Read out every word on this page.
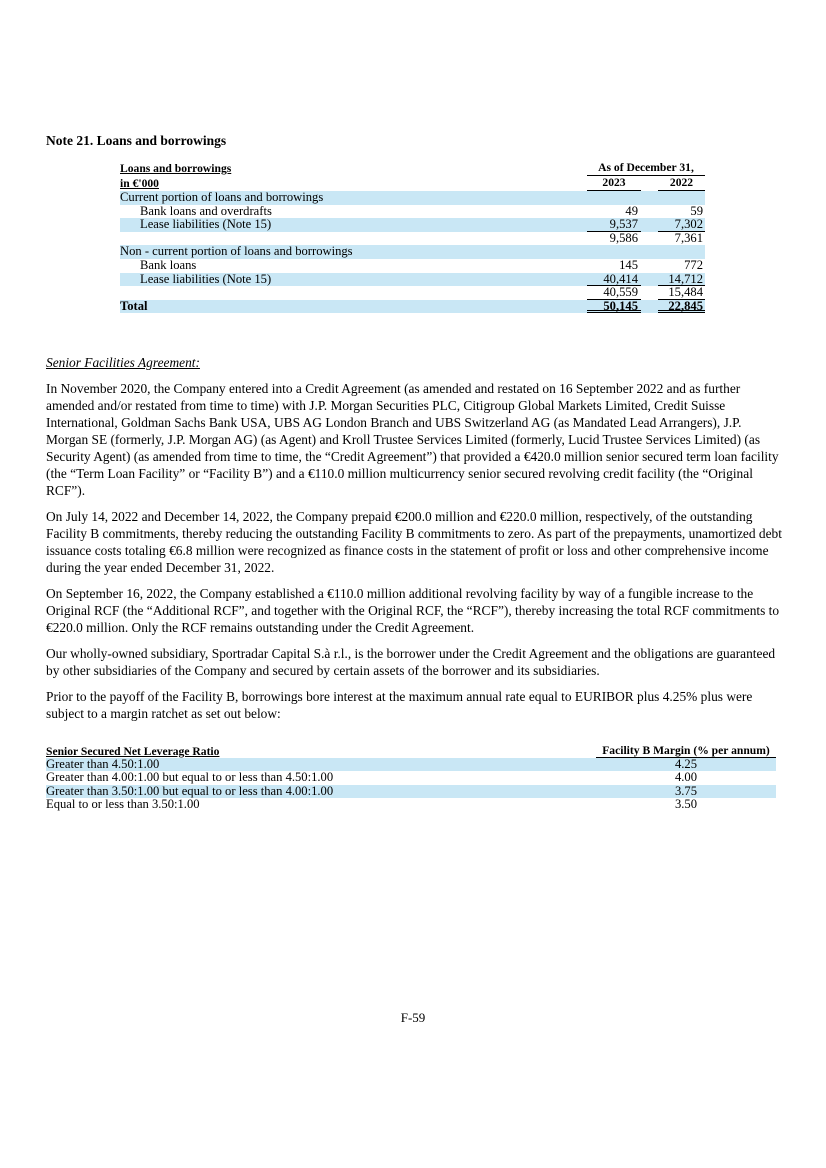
Note 21. Loans and borrowings
Loans and borrowings	As of December 31,
in €'000	2023	2022
Current portion of loans and borrowings
Bank loans and overdrafts	49	59
Lease liabilities (Note 15)	9,537	7,302
9,586	7,361
Non - current portion of loans and borrowings
Bank loans	145	772
Lease liabilities (Note 15)	40,414	14,712
40,559	15,484
Total	50,145	22,845
Senior Facilities Agreement:

In November 2020, the Company entered into a Credit Agreement (as amended and restated on 16 September 2022 and as further amended and/or restated from time to time) with J.P. Morgan Securities PLC, Citigroup Global Markets Limited, Credit Suisse International, Goldman Sachs Bank USA, UBS AG London Branch and UBS Switzerland AG (as Mandated Lead Arrangers), J.P. Morgan SE (formerly, J.P. Morgan AG) (as Agent) and Kroll Trustee Services Limited (formerly, Lucid Trustee Services Limited) (as Security Agent) (as amended from time to time, the “Credit Agreement”) that provided a €420.0 million senior secured term loan facility (the “Term Loan Facility” or “Facility B”) and a €110.0 million multicurrency senior secured revolving credit facility (the “Original RCF”).

On July 14, 2022 and December 14, 2022, the Company prepaid €200.0 million and €220.0 million, respectively, of the outstanding Facility B commitments, thereby reducing the outstanding Facility B commitments to zero. As part of the prepayments, unamortized debt issuance costs totaling €6.8 million were recognized as finance costs in the statement of profit or loss and other comprehensive income during the year ended December 31, 2022.

On September 16, 2022, the Company established a €110.0 million additional revolving facility by way of a fungible increase to the Original RCF (the “Additional RCF”, and together with the Original RCF, the “RCF”), thereby increasing the total RCF commitments to €220.0 million. Only the RCF remains outstanding under the Credit Agreement.

Our wholly-owned subsidiary, Sportradar Capital S.à r.l., is the borrower under the Credit Agreement and the obligations are guaranteed by other subsidiaries of the Company and secured by certain assets of the borrower and its subsidiaries.

Prior to the payoff of the Facility B, borrowings bore interest at the maximum annual rate equal to EURIBOR plus 4.25% plus were subject to a margin ratchet as set out below:

Senior Secured Net Leverage Ratio	Facility B Margin (% per annum)
Greater than 4.50:1.00	4.25
Greater than 4.00:1.00 but equal to or less than 4.50:1.00	4.00
Greater than 3.50:1.00 but equal to or less than 4.00:1.00	3.75
Equal to or less than 3.50:1.00	3.50
F-59
